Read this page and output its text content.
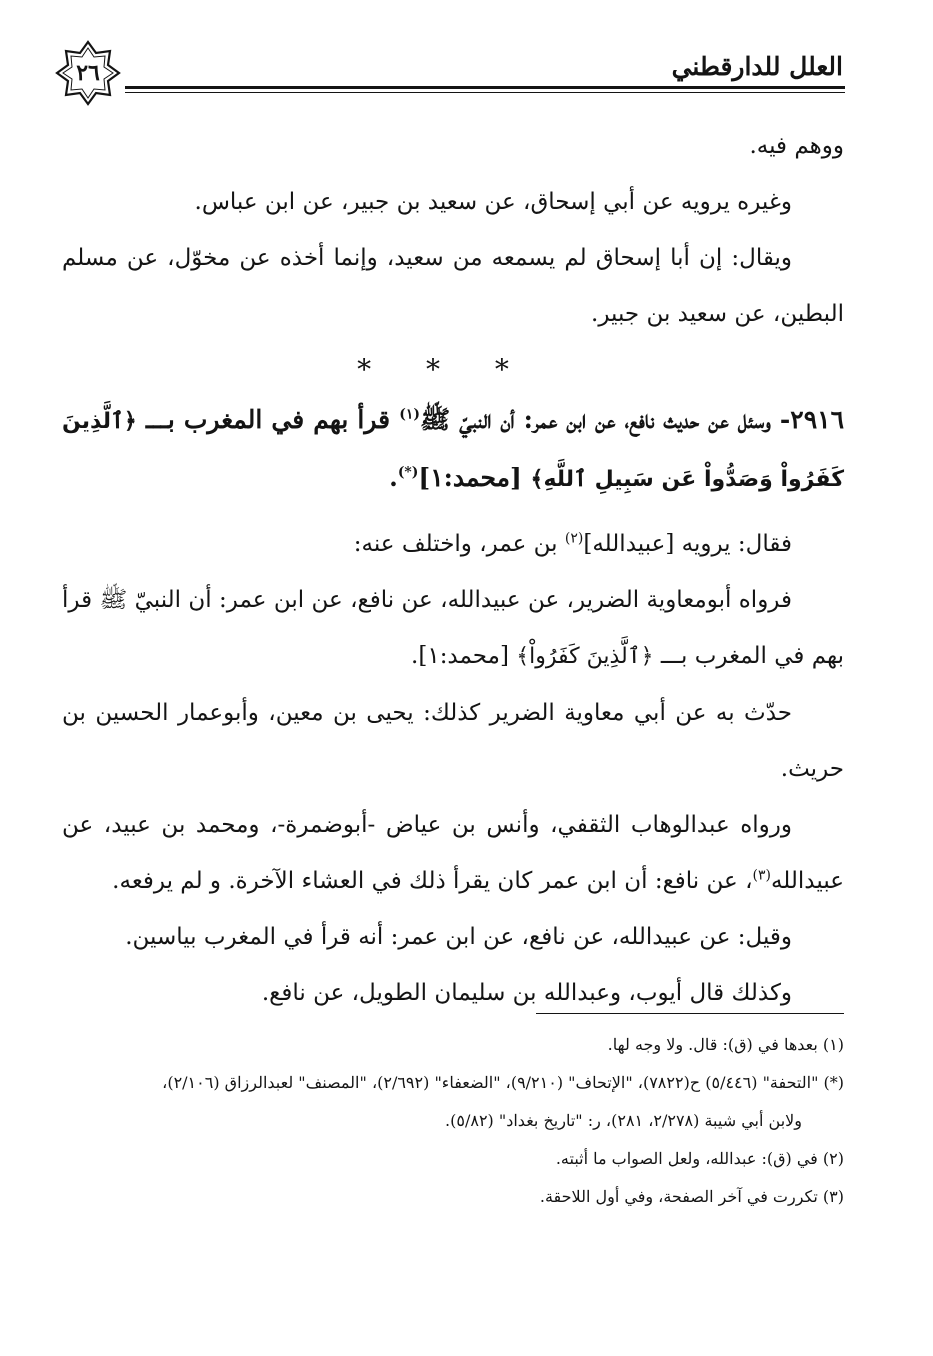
٢٦	العلل للدارقطني

ووهم فيه.

وغيره يرويه عن أبي إسحاق، عن سعيد بن جبير، عن ابن عباس.

ويقال: إن أبا إسحاق لم يسمعه من سعيد، وإنما أخذه عن مخوّل، عن مسلم البطين، عن سعيد بن جبير.

* * *

٢٩١٦- وسئل عن حديث نافع، عن ابن عمر: أن النبيّ ﷺ$^{(١)}$ قرأ بهم في المغرب بـــ ﴿ٱلَّذِينَ كَفَرُواْ وَصَدُّواْ عَن سَبِيلِ ٱللَّهِ﴾ [محمد:١](*).

فقال: يرويه [عبيدالله]$^{(٢)}$ بن عمر، واختلف عنه:

فرواه أبومعاوية الضرير، عن عبيدالله، عن نافع، عن ابن عمر: أن النبيّ ﷺ قرأ بهم في المغرب بـــ ﴿ٱلَّذِينَ كَفَرُواْ﴾ [محمد:١].

حدّث به عن أبي معاوية الضرير كذلك: يحيى بن معين، وأبوعمار الحسين بن حريث.

ورواه عبدالوهاب الثقفي، وأنس بن عياض -أبوضمرة-، ومحمد بن عبيد، عن عبيدالله$^{(٣)}$، عن نافع: أن ابن عمر كان يقرأ ذلك في العشاء الآخرة. و لم يرفعه.

وقيل: عن عبيدالله، عن نافع، عن ابن عمر: أنه قرأ في المغرب بياسين.

وكذلك قال أيوب، وعبدالله بن سليمان الطويل، عن نافع.

(١) بعدها في (ق): قال. ولا وجه لها.

(*) "التحفة" (٥/٤٤٦) ح(٧٨٢٢)، "الإتحاف" (٩/٢١٠)، "الضعفاء" (٢/٦٩٢)، "المصنف" لعبدالرزاق (٢/١٠٦)،

ولابن أبي شيبة (٢/٢٧٨، ٢٨١)، ر: "تاريخ بغداد" (٥/٨٢).

(٢) في (ق): عبدالله، ولعل الصواب ما أثبته.

(٣) تكررت في آخر الصفحة، وفي أول اللاحقة.
